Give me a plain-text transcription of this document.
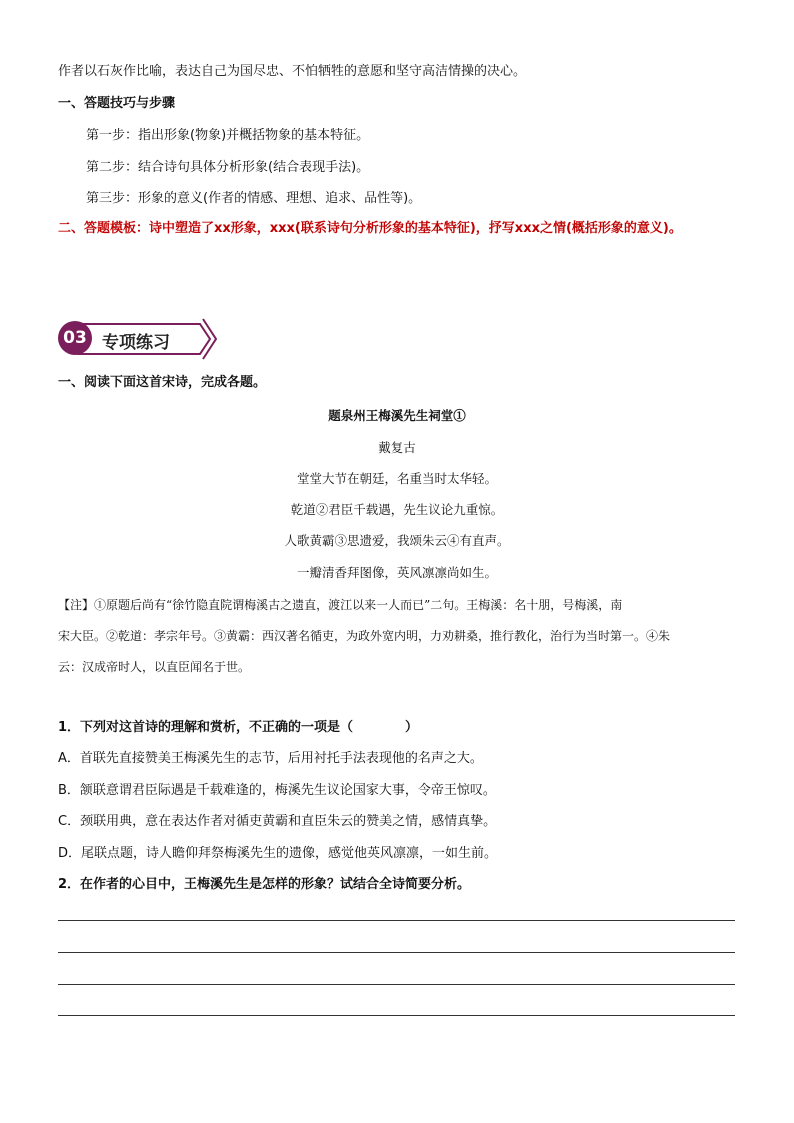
作者以石灰作比喻，表达自己为国尽忠、不怕牺牲的意愿和坚守高洁情操的决心。
一、答题技巧与步骤
第一步：指出形象(物象)并概括物象的基本特征。
第二步：结合诗句具体分析形象(结合表现手法)。
第三步：形象的意义(作者的情感、理想、追求、品性等)。
二、答题模板：诗中塑造了xx形象，xxx(联系诗句分析形象的基本特征)，抒写xxx之情(概括形象的意义)。
03 专项练习
一、阅读下面这首宋诗，完成各题。
题泉州王梅溪先生祠堂①
戴复古
堂堂大节在朝廷，名重当时太华轻。
乾道②君臣千载遇，先生议论九重惊。
人歌黄霸③思遗爱，我颂朱云④有直声。
一瓣清香拜图像，英风凛凛尚如生。
【注】①原题后尚有“徐竹隐直院谓梅溪古之遗直，渡江以来一人而已”二句。王梅溪：名十朋，号梅溪，南
宋大臣。②乾道：孝宗年号。③黄霸：西汉著名循吏，为政外宽内明，力劝耕桑，推行教化，治行为当时第一。④朱
云：汉成帝时人，以直臣闻名于世。
1．下列对这首诗的理解和赏析，不正确的一项是（　　　　）
A．首联先直接赞美王梅溪先生的志节，后用衬托手法表现他的名声之大。
B．颔联意谓君臣际遇是千载难逢的，梅溪先生议论国家大事，令帝王惊叹。
C．颈联用典，意在表达作者对循吏黄霸和直臣朱云的赞美之情，感情真挚。
D．尾联点题，诗人瞻仰拜祭梅溪先生的遗像，感觉他英风凛凛，一如生前。
2．在作者的心目中，王梅溪先生是怎样的形象？试结合全诗简要分析。
